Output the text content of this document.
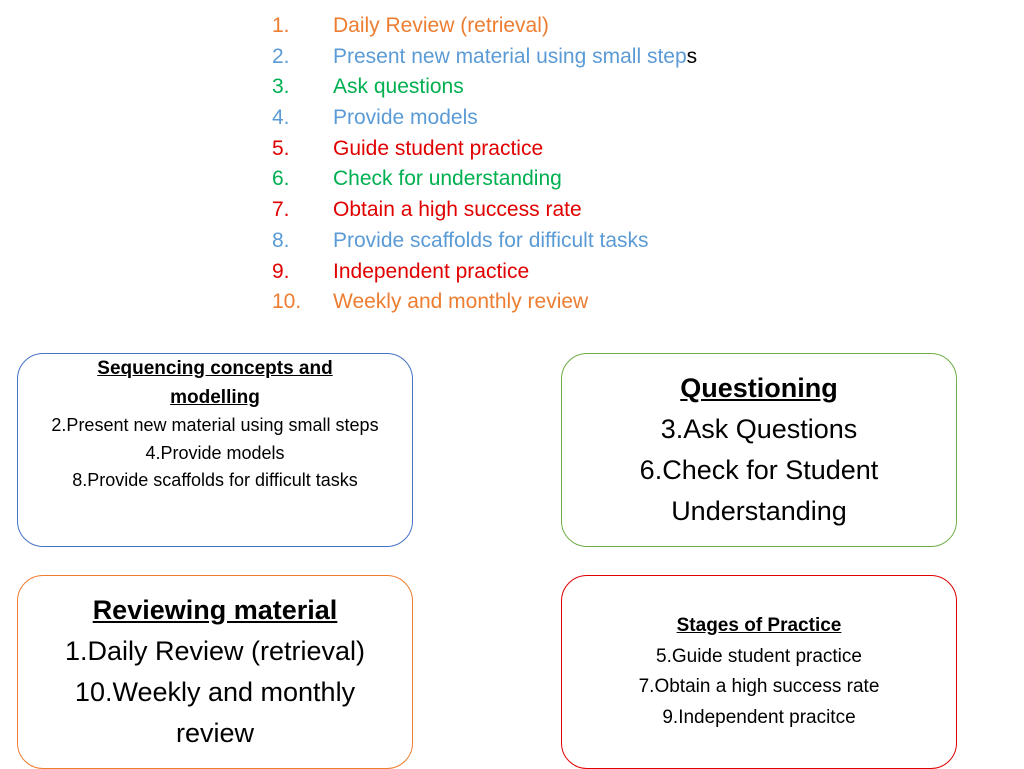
1. Daily Review (retrieval)
2. Present new material using small steps
3. Ask questions
4. Provide models
5. Guide student practice
6. Check for understanding
7. Obtain a high success rate
8. Provide scaffolds for difficult tasks
9. Independent practice
10. Weekly and monthly review
Sequencing concepts and modelling
2.Present new material using small steps
4.Provide models
8.Provide scaffolds for difficult tasks
Questioning
3.Ask Questions
6.Check for Student Understanding
Reviewing material
1.Daily Review (retrieval)
10.Weekly and monthly review
Stages of Practice
5.Guide student practice
7.Obtain a high success rate
9.Independent pracitce
